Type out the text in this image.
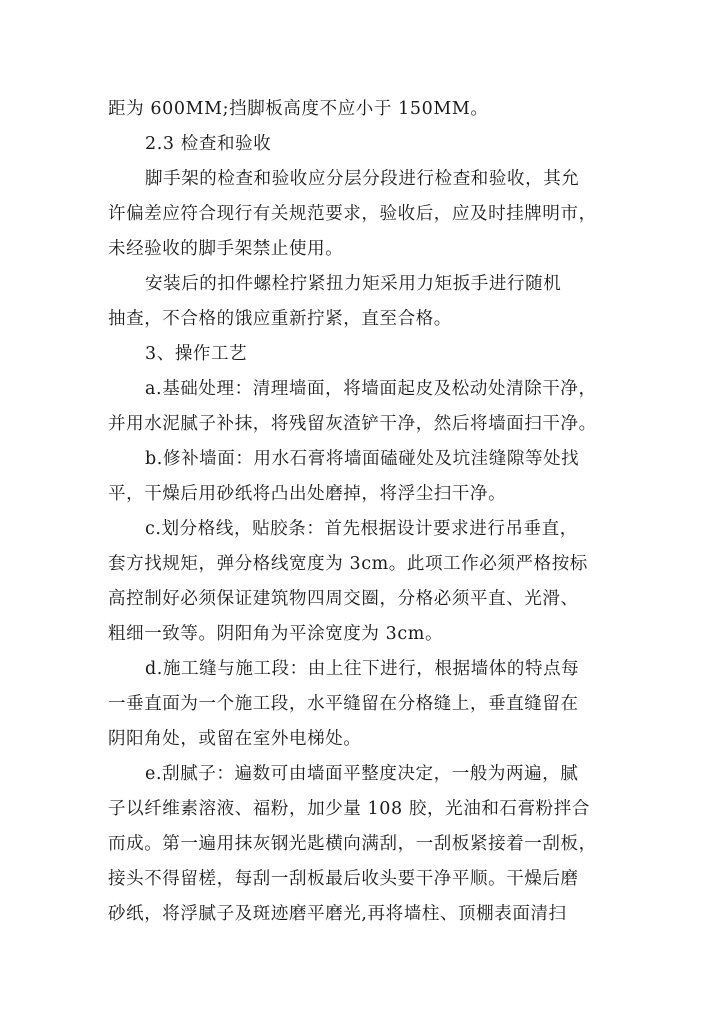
距为 600MM;挡脚板高度不应小于 150MM。
2.3 检查和验收
脚手架的检查和验收应分层分段进行检查和验收，其允
许偏差应符合现行有关规范要求，验收后，应及时挂牌明市，
未经验收的脚手架禁止使用。
安装后的扣件螺栓拧紧扭力矩采用力矩扳手进行随机
抽查，不合格的饿应重新拧紧，直至合格。
3、操作工艺
a.基础处理：清理墙面，将墙面起皮及松动处清除干净，
并用水泥腻子补抹，将残留灰渣铲干净，然后将墙面扫干净。
b.修补墙面：用水石膏将墙面磕碰处及坑洼缝隙等处找
平，干燥后用砂纸将凸出处磨掉，将浮尘扫干净。
c.划分格线，贴胶条：首先根据设计要求进行吊垂直，
套方找规矩，弹分格线宽度为 3cm。此项工作必须严格按标
高控制好必须保证建筑物四周交圈，分格必须平直、光滑、
粗细一致等。阴阳角为平涂宽度为 3cm。
d.施工缝与施工段：由上往下进行，根据墙体的特点每
一垂直面为一个施工段，水平缝留在分格缝上，垂直缝留在
阴阳角处，或留在室外电梯处。
e.刮腻子：遍数可由墙面平整度决定，一般为两遍，腻
子以纤维素溶液、福粉，加少量 108 胶，光油和石膏粉拌合
而成。第一遍用抹灰钢光匙横向满刮，一刮板紧接着一刮板，
接头不得留槎，每刮一刮板最后收头要干净平顺。干燥后磨
砂纸，将浮腻子及斑迹磨平磨光,再将墙柱、顶棚表面清扫
